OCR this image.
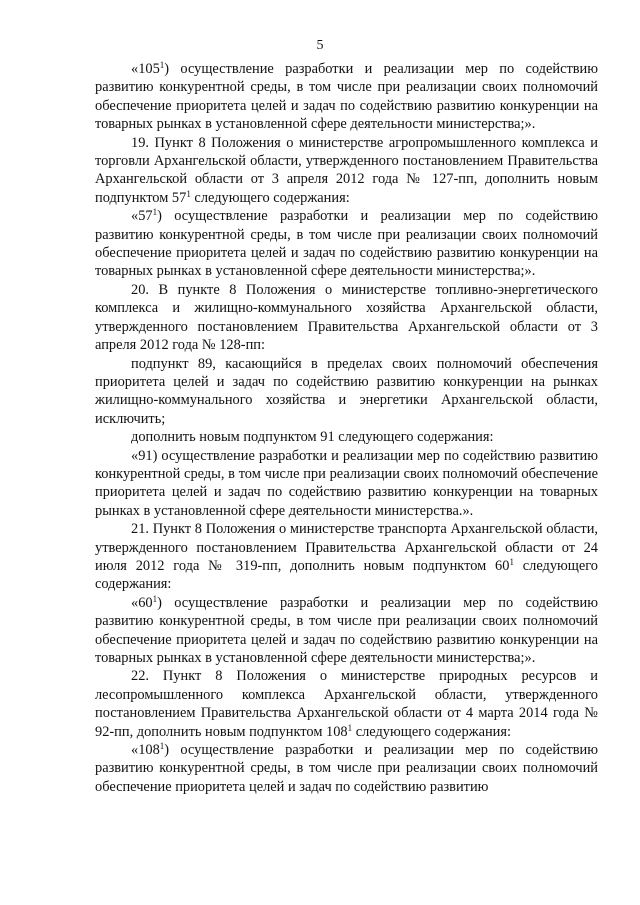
5

«$105^1$) осуществление разработки и реализации мер по содействию развитию конкурентной среды, в том числе при реализации своих полномочий обеспечение приоритета целей и задач по содействию развитию конкуренции на товарных рынках в установленной сфере деятельности министерства;».

19. Пункт 8 Положения о министерстве агропромышленного комплекса и торговли Архангельской области, утвержденного постановлением Правительства Архангельской области от 3 апреля 2012 года № 127-пп, дополнить новым подпунктом $57^1$ следующего содержания:

«$57^1$) осуществление разработки и реализации мер по содействию развитию конкурентной среды, в том числе при реализации своих полномочий обеспечение приоритета целей и задач по содействию развитию конкуренции на товарных рынках в установленной сфере деятельности министерства;».

20. В пункте 8 Положения о министерстве топливно-энергетического комплекса и жилищно-коммунального хозяйства Архангельской области, утвержденного постановлением Правительства Архангельской области от 3 апреля 2012 года № 128-пп:

подпункт 89, касающийся в пределах своих полномочий обеспечения приоритета целей и задач по содействию развитию конкуренции на рынках жилищно-коммунального хозяйства и энергетики Архангельской области, исключить;

дополнить новым подпунктом 91 следующего содержания:

«91) осуществление разработки и реализации мер по содействию развитию конкурентной среды, в том числе при реализации своих полномочий обеспечение приоритета целей и задач по содействию развитию конкуренции на товарных рынках в установленной сфере деятельности министерства.».

21. Пункт 8 Положения о министерстве транспорта Архангельской области, утвержденного постановлением Правительства Архангельской области от 24 июля 2012 года № 319-пп, дополнить новым подпунктом $60^1$ следующего содержания:

«$60^1$) осуществление разработки и реализации мер по содействию развитию конкурентной среды, в том числе при реализации своих полномочий обеспечение приоритета целей и задач по содействию развитию конкуренции на товарных рынках в установленной сфере деятельности министерства;».

22. Пункт 8 Положения о министерстве природных ресурсов и лесопромышленного комплекса Архангельской области, утвержденного постановлением Правительства Архангельской области от 4 марта 2014 года № 92-пп, дополнить новым подпунктом $108^1$ следующего содержания:

«$108^1$) осуществление разработки и реализации мер по содействию развитию конкурентной среды, в том числе при реализации своих полномочий обеспечение приоритета целей и задач по содействию развитию
